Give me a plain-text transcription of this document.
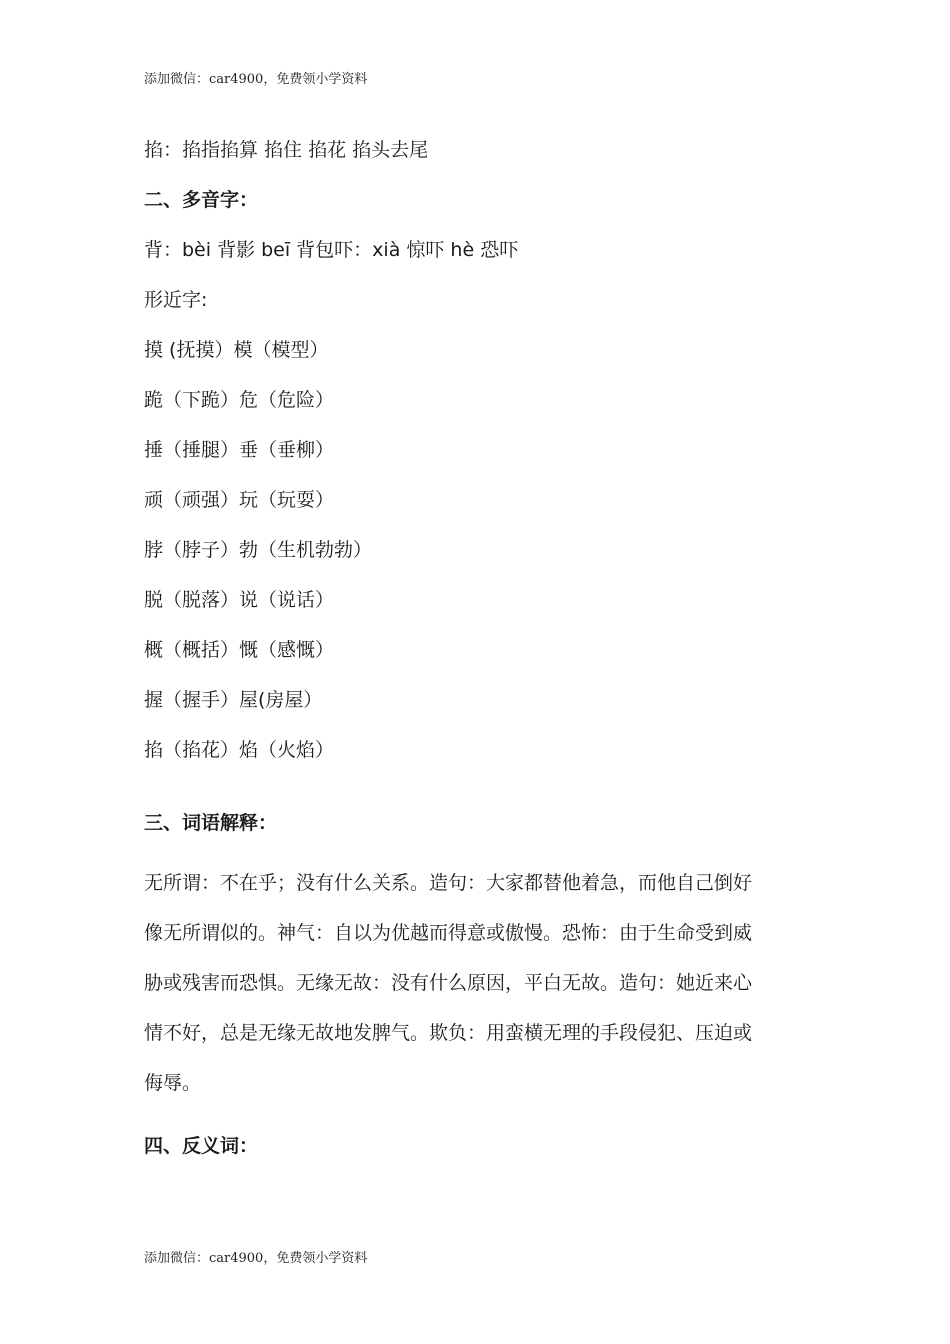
添加微信：car4900，免费领小学资料
掐：掐指掐算 掐住 掐花 掐头去尾
二、多音字：
背：bèi 背影 beī 背包吓：xià 惊吓 hè 恐吓
形近字:
摸 (抚摸）模（模型）
跪（下跪）危（危险）
捶（捶腿）垂（垂柳）
顽（顽强）玩（玩耍）
脖（脖子）勃（生机勃勃）
脱（脱落）说（说话）
概（概括）慨（感慨）
握（握手）屋(房屋）
掐（掐花）焰（火焰）
三、词语解释：
无所谓：不在乎；没有什么关系。造句：大家都替他着急，而他自己倒好
像无所谓似的。神气：自以为优越而得意或傲慢。恐怖：由于生命受到威
胁或残害而恐惧。无缘无故：没有什么原因，平白无故。造句：她近来心
情不好，总是无缘无故地发脾气。欺负：用蛮横无理的手段侵犯、压迫或
侮辱。
四、反义词：
添加微信：car4900，免费领小学资料
